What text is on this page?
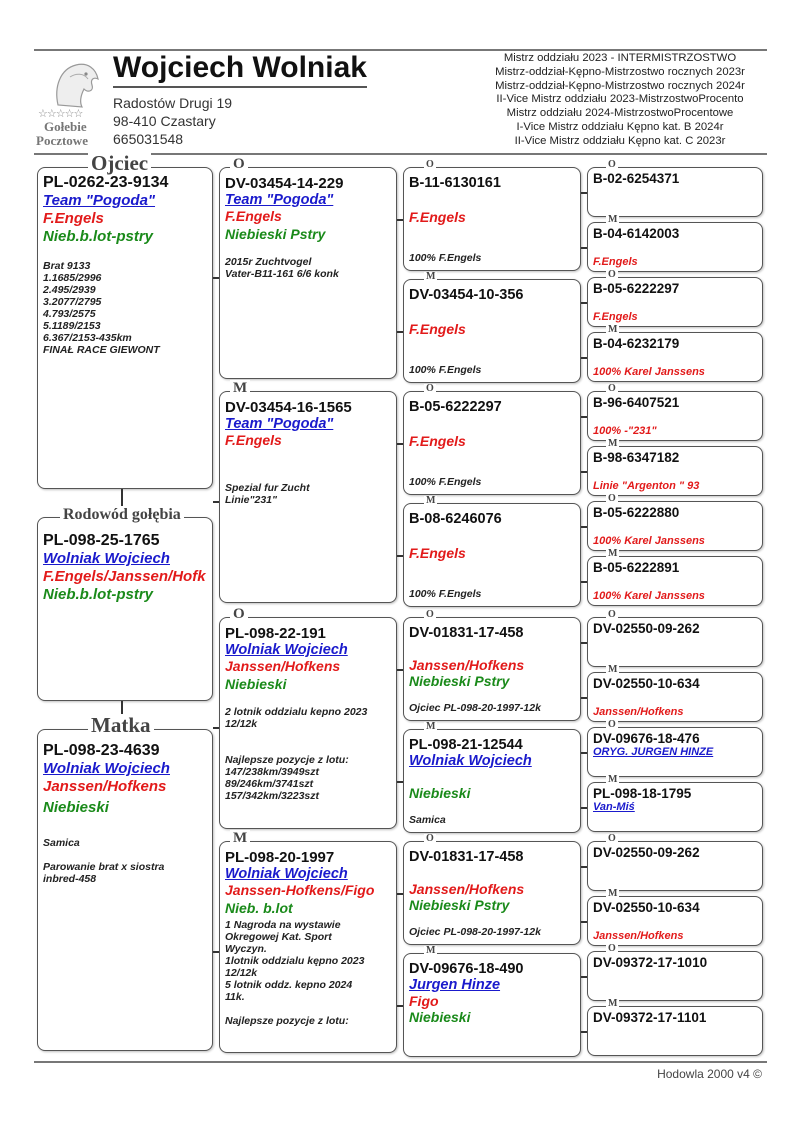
☆☆☆☆☆
Gołebie
Pocztowe
Wojciech Wolniak
Radostów Drugi 19
98-410 Czastary
665031548
Mistrz oddziału 2023 - INTERMISTRZOSTWO
Mistrz-oddział-Kępno-Mistrzostwo rocznych 2023r
Mistrz-oddział-Kępno-Mistrzostwo rocznych 2024r
II-Vice Mistrz oddziału 2023-MistrzostwoProcento
Mistrz oddziału 2024-MistrzostwoProcentowe
I-Vice Mistrz oddziału Kępno kat. B 2024r
II-Vice Mistrz oddziału Kępno kat. C 2023r
Ojciec
PL-0262-23-9134
Team "Pogoda"
F.Engels
Nieb.b.lot-pstry
Brat 9133
1.1685/2996
2.495/2939
3.2077/2795
4.793/2575
5.1189/2153
6.367/2153-435km
FINAŁ RACE GIEWONT
Rodowód gołębia
PL-098-25-1765
Wolniak Wojciech
F.Engels/Janssen/Hofk
Nieb.b.lot-pstry
Matka
PL-098-23-4639
Wolniak Wojciech
Janssen/Hofkens
Niebieski
Samica
Parowanie brat x siostra
inbred-458
O
DV-03454-14-229
Team "Pogoda"
F.Engels
Niebieski Pstry
2015r Zuchtvogel
Vater-B11-161 6/6 konk
M
DV-03454-16-1565
Team "Pogoda"
F.Engels
Spezial fur Zucht
Linie"231"
O
PL-098-22-191
Wolniak Wojciech
Janssen/Hofkens
Niebieski
2 lotnik oddzialu kepno 2023
12/12k
Najlepsze pozycje z lotu:
147/238km/3949szt
89/246km/3741szt
157/342km/3223szt
M
PL-098-20-1997
Wolniak Wojciech
Janssen-Hofkens/Figo
Nieb. b.lot
1 Nagroda na wystawie
Okregowej Kat. Sport
Wyczyn.
1lotnik oddzialu kępno 2023
12/12k
5 lotnik oddz. kepno 2024
11k.
Najlepsze pozycje z lotu:
O
B-11-6130161
F.Engels
100% F.Engels
M
DV-03454-10-356
F.Engels
100% F.Engels
O
B-05-6222297
F.Engels
100% F.Engels
M
B-08-6246076
F.Engels
100% F.Engels
O
DV-01831-17-458
Janssen/Hofkens
Niebieski Pstry
Ojciec PL-098-20-1997-12k
M
PL-098-21-12544
Wolniak Wojciech
Niebieski
Samica
O
DV-01831-17-458
Janssen/Hofkens
Niebieski Pstry
Ojciec PL-098-20-1997-12k
M
DV-09676-18-490
Jurgen Hinze
Figo
Niebieski
O
B-02-6254371
M
B-04-6142003
F.Engels
O
B-05-6222297
F.Engels
M
B-04-6232179
100% Karel Janssens
O
B-96-6407521
100% -"231"
M
B-98-6347182
Linie "Argenton " 93
O
B-05-6222880
100% Karel Janssens
M
B-05-6222891
100% Karel Janssens
O
DV-02550-09-262
M
DV-02550-10-634
Janssen/Hofkens
O
DV-09676-18-476
ORYG. JURGEN HINZE
M
PL-098-18-1795
Van-Miś
O
DV-02550-09-262
M
DV-02550-10-634
Janssen/Hofkens
O
DV-09372-17-1010
M
DV-09372-17-1101
Hodowla 2000 v4 ©
